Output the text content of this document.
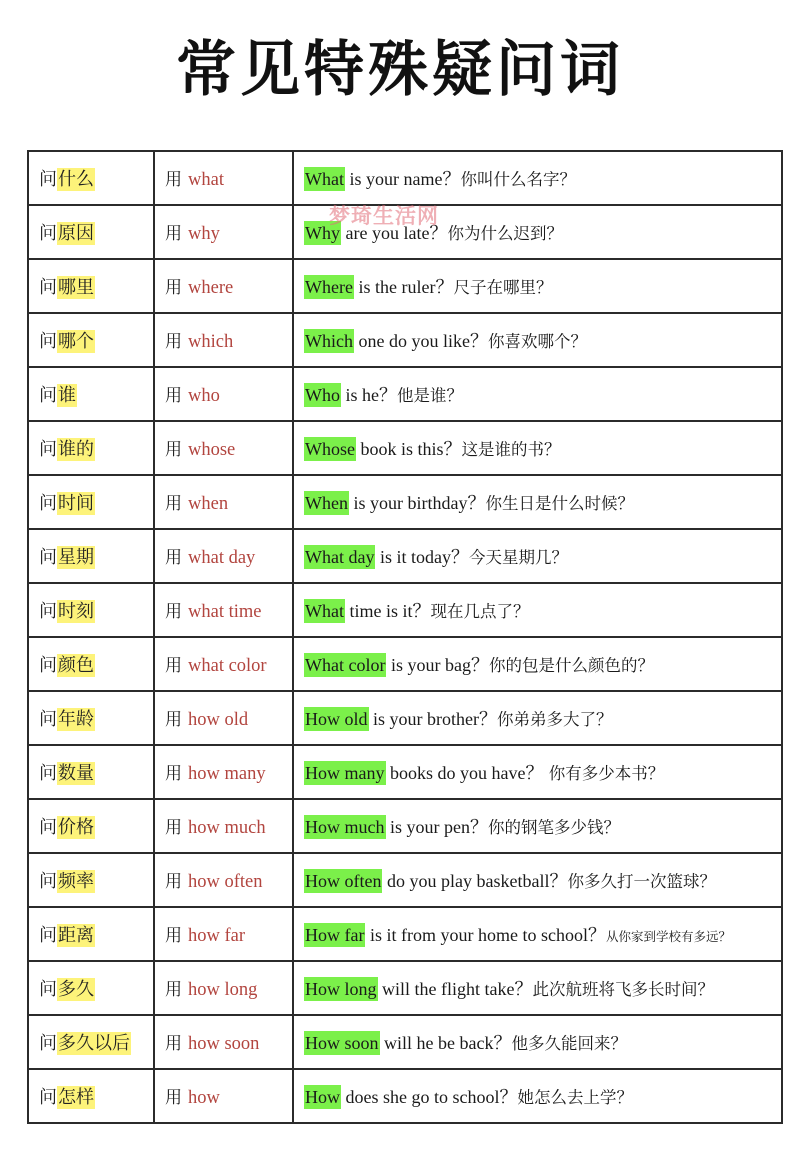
常见特殊疑问词
问什么	用 what	What is your name？你叫什么名字？
问原因	用 why	Why are you late？你为什么迟到？
问哪里	用 where	Where is the ruler？尺子在哪里？
问哪个	用 which	Which one do you like？你喜欢哪个？
问谁	用 who	Who is he？他是谁？
问谁的	用 whose	Whose book is this？这是谁的书？
问时间	用 when	When is your birthday？你生日是什么时候？
问星期	用 what day	What day is it today？今天星期几？
问时刻	用 what time	What time is it？现在几点了？
问颜色	用 what color	What color is your bag？你的包是什么颜色的？
问年龄	用 how old	How old is your brother？你弟弟多大了？
问数量	用 how many	How many books do you have？ 你有多少本书？
问价格	用 how much	How much is your pen？你的钢笔多少钱？
问频率	用 how often	How often do you play basketball？你多久打一次篮球？
问距离	用 how far	How far is it from your home to school？从你家到学校有多远？
问多久	用 how long	How long will the flight take？此次航班将飞多长时间？
问多久以后	用 how soon	How soon will he be back？他多久能回来？
问怎样	用 how	How does she go to school？她怎么去上学？
梦琦生活网
